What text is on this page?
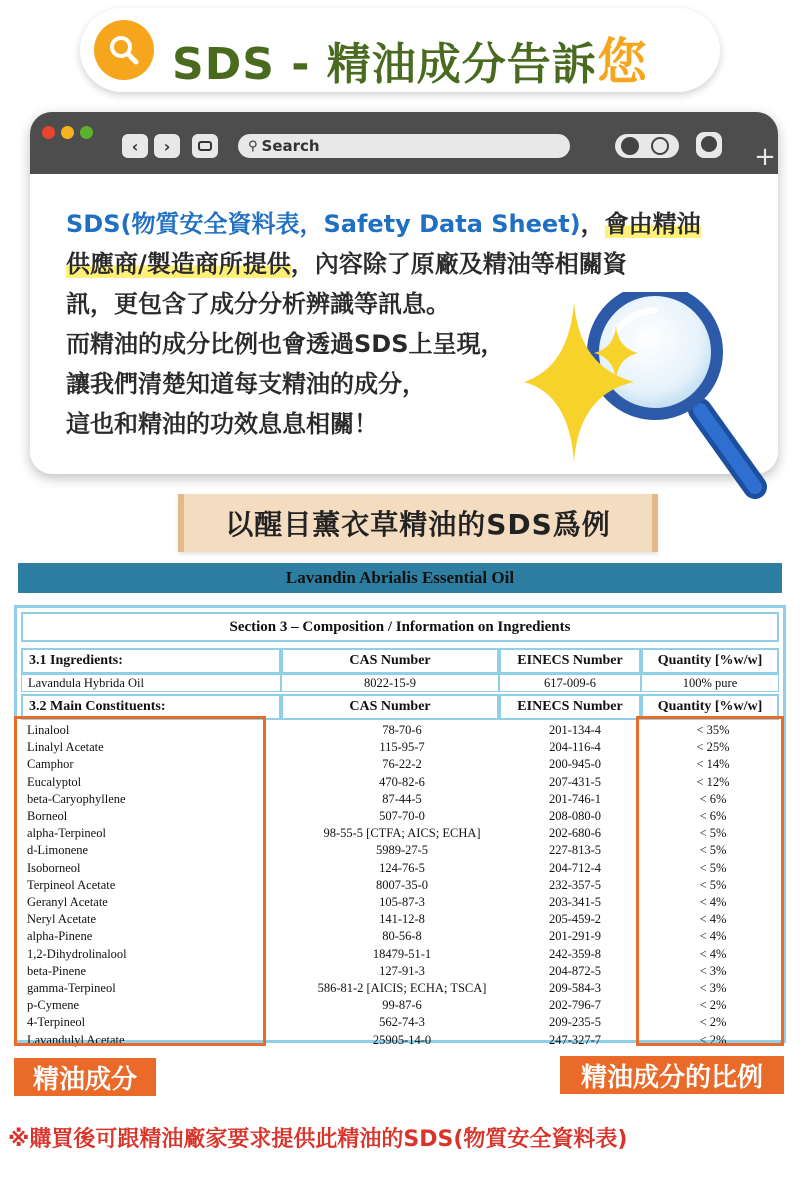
SDS - 精油成分告訴您
‹ ›	⚲ Search	+
SDS(物質安全資料表，Safety Data Sheet)，會由精油
供應商/製造商所提供，內容除了原廠及精油等相關資
訊，更包含了成分分析辨識等訊息。
而精油的成分比例也會透過SDS上呈現，
讓我們清楚知道每支精油的成分，
這也和精油的功效息息相關！
以醒目薰衣草精油的SDS爲例
Lavandin Abrialis Essential Oil
Section 3 – Composition / Information on Ingredients
3.1 Ingredients:	CAS Number	EINECS Number	Quantity [%w/w]
Lavandula Hybrida Oil	8022-15-9	617-009-6	100% pure
3.2 Main Constituents:	CAS Number	EINECS Number	Quantity [%w/w]
Linalool	78-70-6	201-134-4	< 35%
Linalyl Acetate	115-95-7	204-116-4	< 25%
Camphor	76-22-2	200-945-0	< 14%
Eucalyptol	470-82-6	207-431-5	< 12%
beta-Caryophyllene	87-44-5	201-746-1	< 6%
Borneol	507-70-0	208-080-0	< 6%
alpha-Terpineol	98-55-5 [CTFA; AICS; ECHA]	202-680-6	< 5%
d-Limonene	5989-27-5	227-813-5	< 5%
Isoborneol	124-76-5	204-712-4	< 5%
Terpineol Acetate	8007-35-0	232-357-5	< 5%
Geranyl Acetate	105-87-3	203-341-5	< 4%
Neryl Acetate	141-12-8	205-459-2	< 4%
alpha-Pinene	80-56-8	201-291-9	< 4%
1,2-Dihydrolinalool	18479-51-1	242-359-8	< 4%
beta-Pinene	127-91-3	204-872-5	< 3%
gamma-Terpineol	586-81-2 [AICIS; ECHA; TSCA]	209-584-3	< 3%
p-Cymene	99-87-6	202-796-7	< 2%
4-Terpineol	562-74-3	209-235-5	< 2%
Lavandulyl Acetate	25905-14-0	247-327-7	< 2%
精油成分	精油成分的比例
※購買後可跟精油廠家要求提供此精油的SDS(物質安全資料表)
